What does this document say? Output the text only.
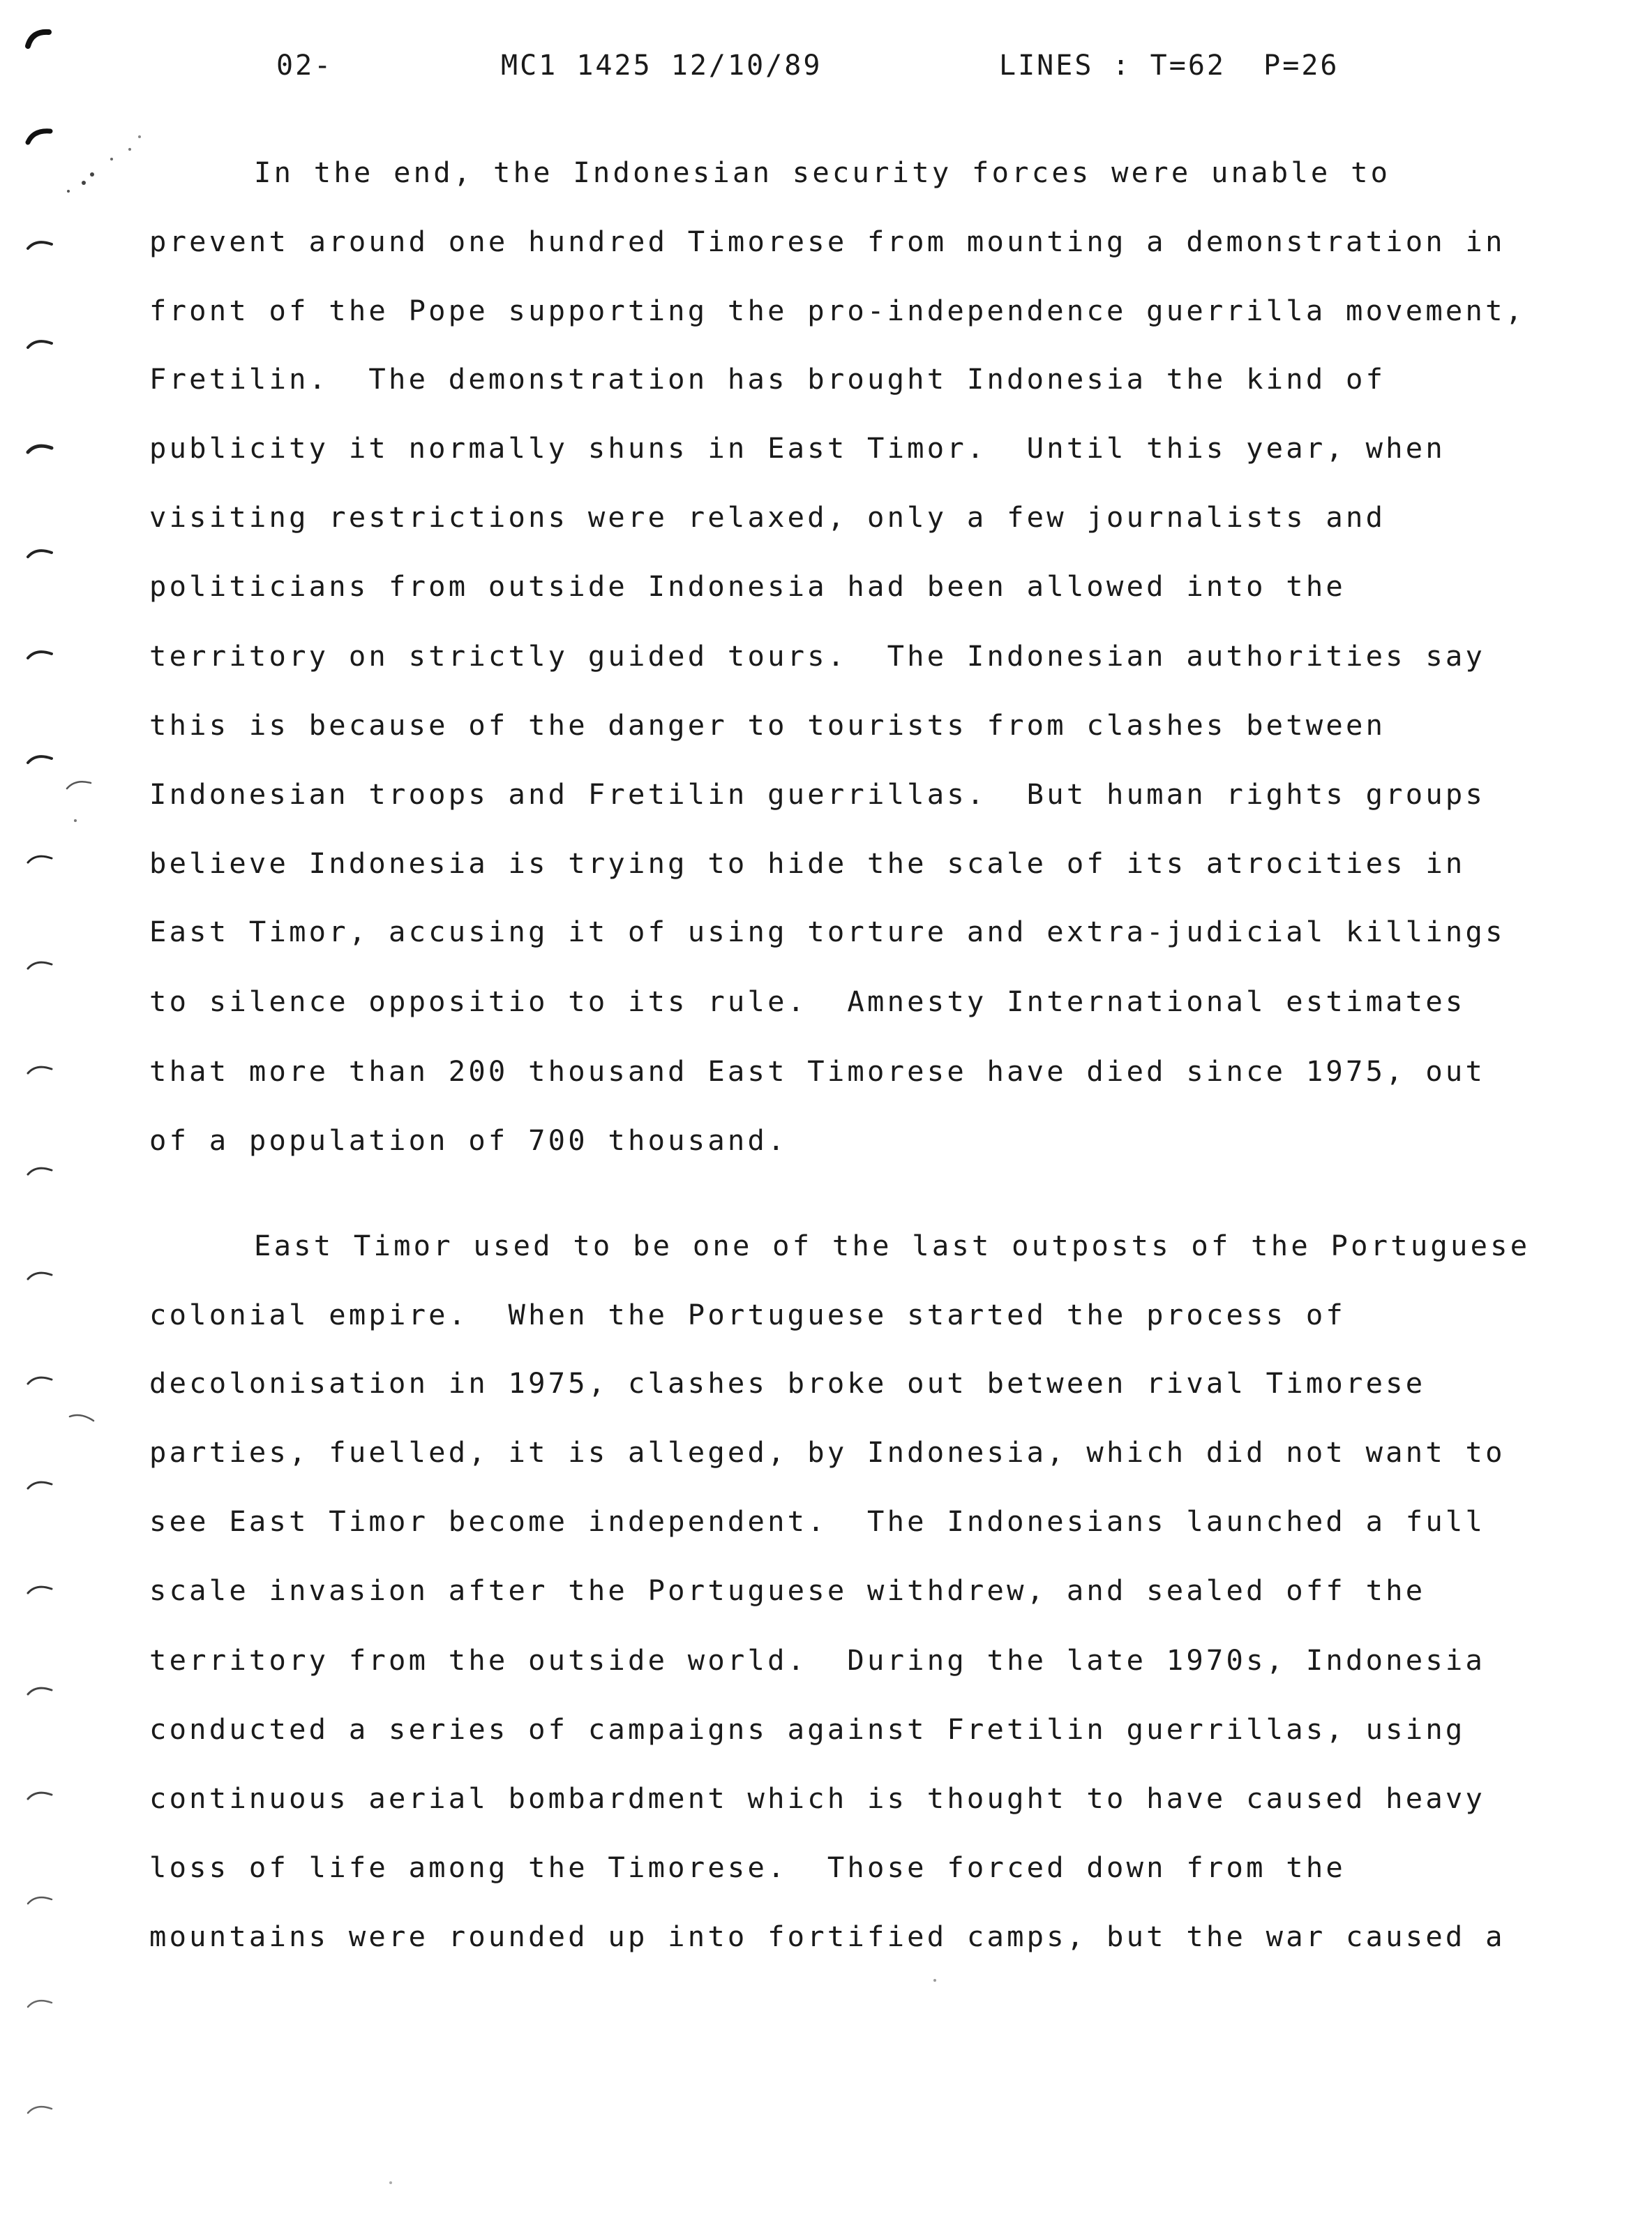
02-	MC1 1425 12/10/89	LINES : T=62  P=26
In the end, the Indonesian security forces were unable to
prevent around one hundred Timorese from mounting a demonstration in
front of the Pope supporting the pro-independence guerrilla movement,
Fretilin.  The demonstration has brought Indonesia the kind of
publicity it normally shuns in East Timor.  Until this year, when
visiting restrictions were relaxed, only a few journalists and
politicians from outside Indonesia had been allowed into the
territory on strictly guided tours.  The Indonesian authorities say
this is because of the danger to tourists from clashes between
Indonesian troops and Fretilin guerrillas.  But human rights groups
believe Indonesia is trying to hide the scale of its atrocities in
East Timor, accusing it of using torture and extra-judicial killings
to silence oppositio to its rule.  Amnesty International estimates
that more than 200 thousand East Timorese have died since 1975, out
of a population of 700 thousand.
East Timor used to be one of the last outposts of the Portuguese
colonial empire.  When the Portuguese started the process of
decolonisation in 1975, clashes broke out between rival Timorese
parties, fuelled, it is alleged, by Indonesia, which did not want to
see East Timor become independent.  The Indonesians launched a full
scale invasion after the Portuguese withdrew, and sealed off the
territory from the outside world.  During the late 1970s, Indonesia
conducted a series of campaigns against Fretilin guerrillas, using
continuous aerial bombardment which is thought to have caused heavy
loss of life among the Timorese.  Those forced down from the
mountains were rounded up into fortified camps, but the war caused a
